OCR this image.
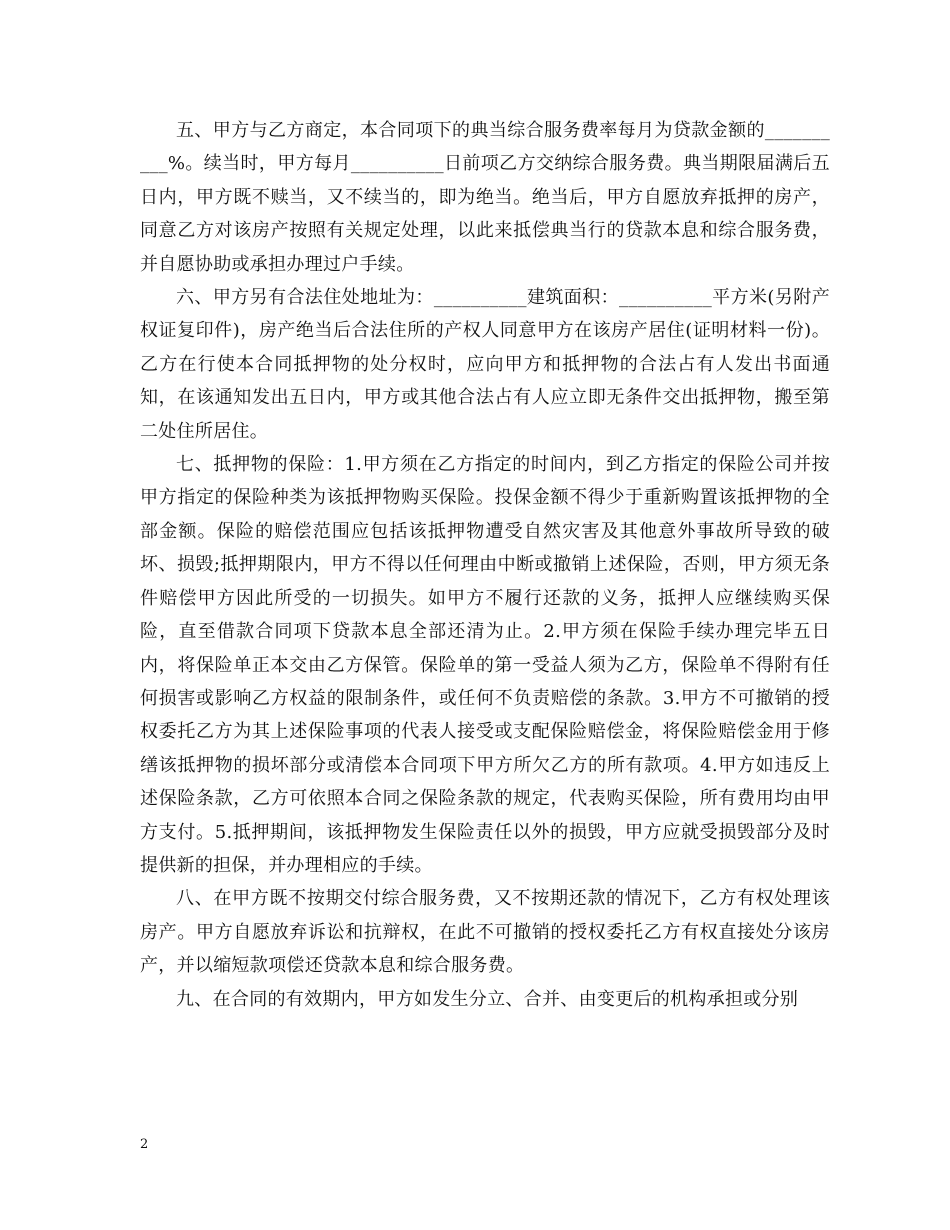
五、甲方与乙方商定，本合同项下的典当综合服务费率每月为贷款金额的__________%。续当时，甲方每月__________日前项乙方交纳综合服务费。典当期限届满后五日内，甲方既不赎当，又不续当的，即为绝当。绝当后，甲方自愿放弃抵押的房产，同意乙方对该房产按照有关规定处理，以此来抵偿典当行的贷款本息和综合服务费，并自愿协助或承担办理过户手续。

六、甲方另有合法住处地址为：__________建筑面积：__________平方米(另附产权证复印件)，房产绝当后合法住所的产权人同意甲方在该房产居住(证明材料一份)。乙方在行使本合同抵押物的处分权时，应向甲方和抵押物的合法占有人发出书面通知，在该通知发出五日内，甲方或其他合法占有人应立即无条件交出抵押物，搬至第二处住所居住。

七、抵押物的保险：1.甲方须在乙方指定的时间内，到乙方指定的保险公司并按甲方指定的保险种类为该抵押物购买保险。投保金额不得少于重新购置该抵押物的全部金额。保险的赔偿范围应包括该抵押物遭受自然灾害及其他意外事故所导致的破坏、损毁;抵押期限内，甲方不得以任何理由中断或撤销上述保险，否则，甲方须无条件赔偿甲方因此所受的一切损失。如甲方不履行还款的义务，抵押人应继续购买保险，直至借款合同项下贷款本息全部还清为止。2.甲方须在保险手续办理完毕五日内，将保险单正本交由乙方保管。保险单的第一受益人须为乙方，保险单不得附有任何损害或影响乙方权益的限制条件，或任何不负责赔偿的条款。3.甲方不可撤销的授权委托乙方为其上述保险事项的代表人接受或支配保险赔偿金，将保险赔偿金用于修缮该抵押物的损坏部分或清偿本合同项下甲方所欠乙方的所有款项。4.甲方如违反上述保险条款，乙方可依照本合同之保险条款的规定，代表购买保险，所有费用均由甲方支付。5.抵押期间，该抵押物发生保险责任以外的损毁，甲方应就受损毁部分及时提供新的担保，并办理相应的手续。

八、在甲方既不按期交付综合服务费，又不按期还款的情况下，乙方有权处理该房产。甲方自愿放弃诉讼和抗辩权，在此不可撤销的授权委托乙方有权直接处分该房产，并以缩短款项偿还贷款本息和综合服务费。

九、在合同的有效期内，甲方如发生分立、合并、由变更后的机构承担或分别

2
